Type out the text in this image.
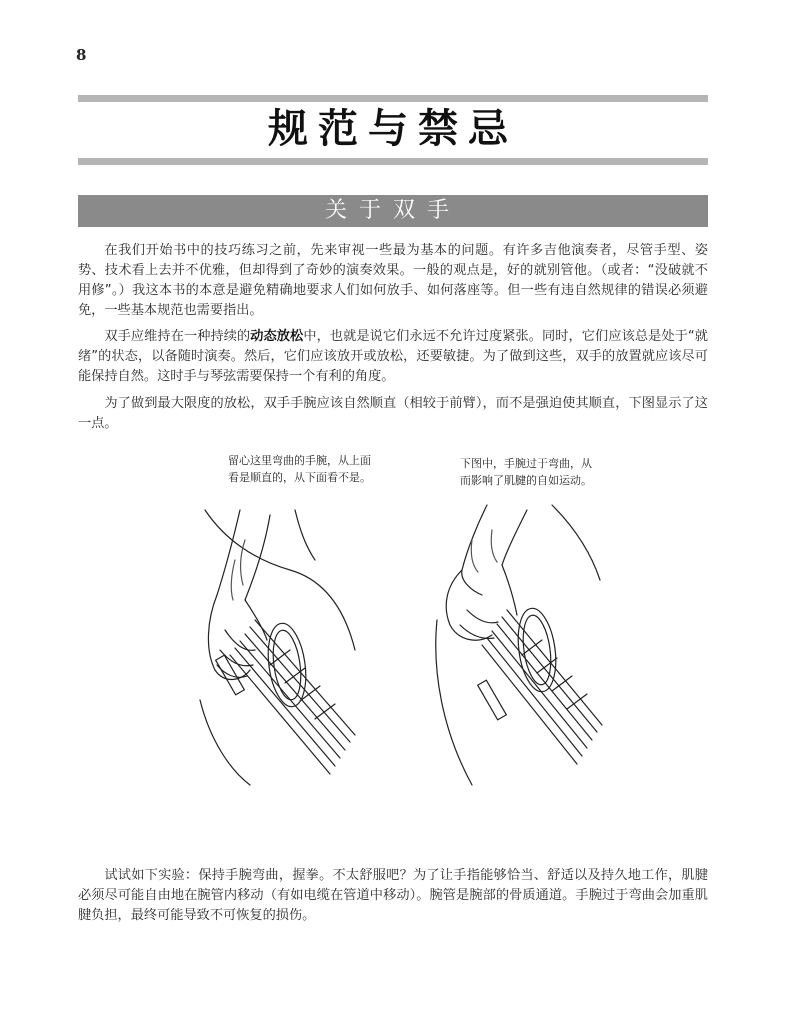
8
规范与禁忌
关于双手

在我们开始书中的技巧练习之前，先来审视一些最为基本的问题。有许多吉他演奏者，尽管手型、姿势、技术看上去并不优雅，但却得到了奇妙的演奏效果。一般的观点是，好的就别管他。（或者：“没破就不用修”。）我这本书的本意是避免精确地要求人们如何放手、如何落座等。但一些有违自然规律的错误必须避免，一些基本规范也需要指出。

双手应维持在一种持续的动态放松中，也就是说它们永远不允许过度紧张。同时，它们应该总是处于“就绪”的状态，以备随时演奏。然后，它们应该放开或放松，还要敏捷。为了做到这些，双手的放置就应该尽可能保持自然。这时手与琴弦需要保持一个有利的角度。

为了做到最大限度的放松，双手手腕应该自然顺直（相较于前臂），而不是强迫使其顺直，下图显示了这一点。

留心这里弯曲的手腕，从上面
看是顺直的，从下面看不是。
下图中，手腕过于弯曲，从
而影响了肌腱的自如运动。

试试如下实验：保持手腕弯曲，握拳。不太舒服吧？为了让手指能够恰当、舒适以及持久地工作，肌腱必须尽可能自由地在腕管内移动（有如电缆在管道中移动）。腕管是腕部的骨质通道。手腕过于弯曲会加重肌腱负担，最终可能导致不可恢复的损伤。
